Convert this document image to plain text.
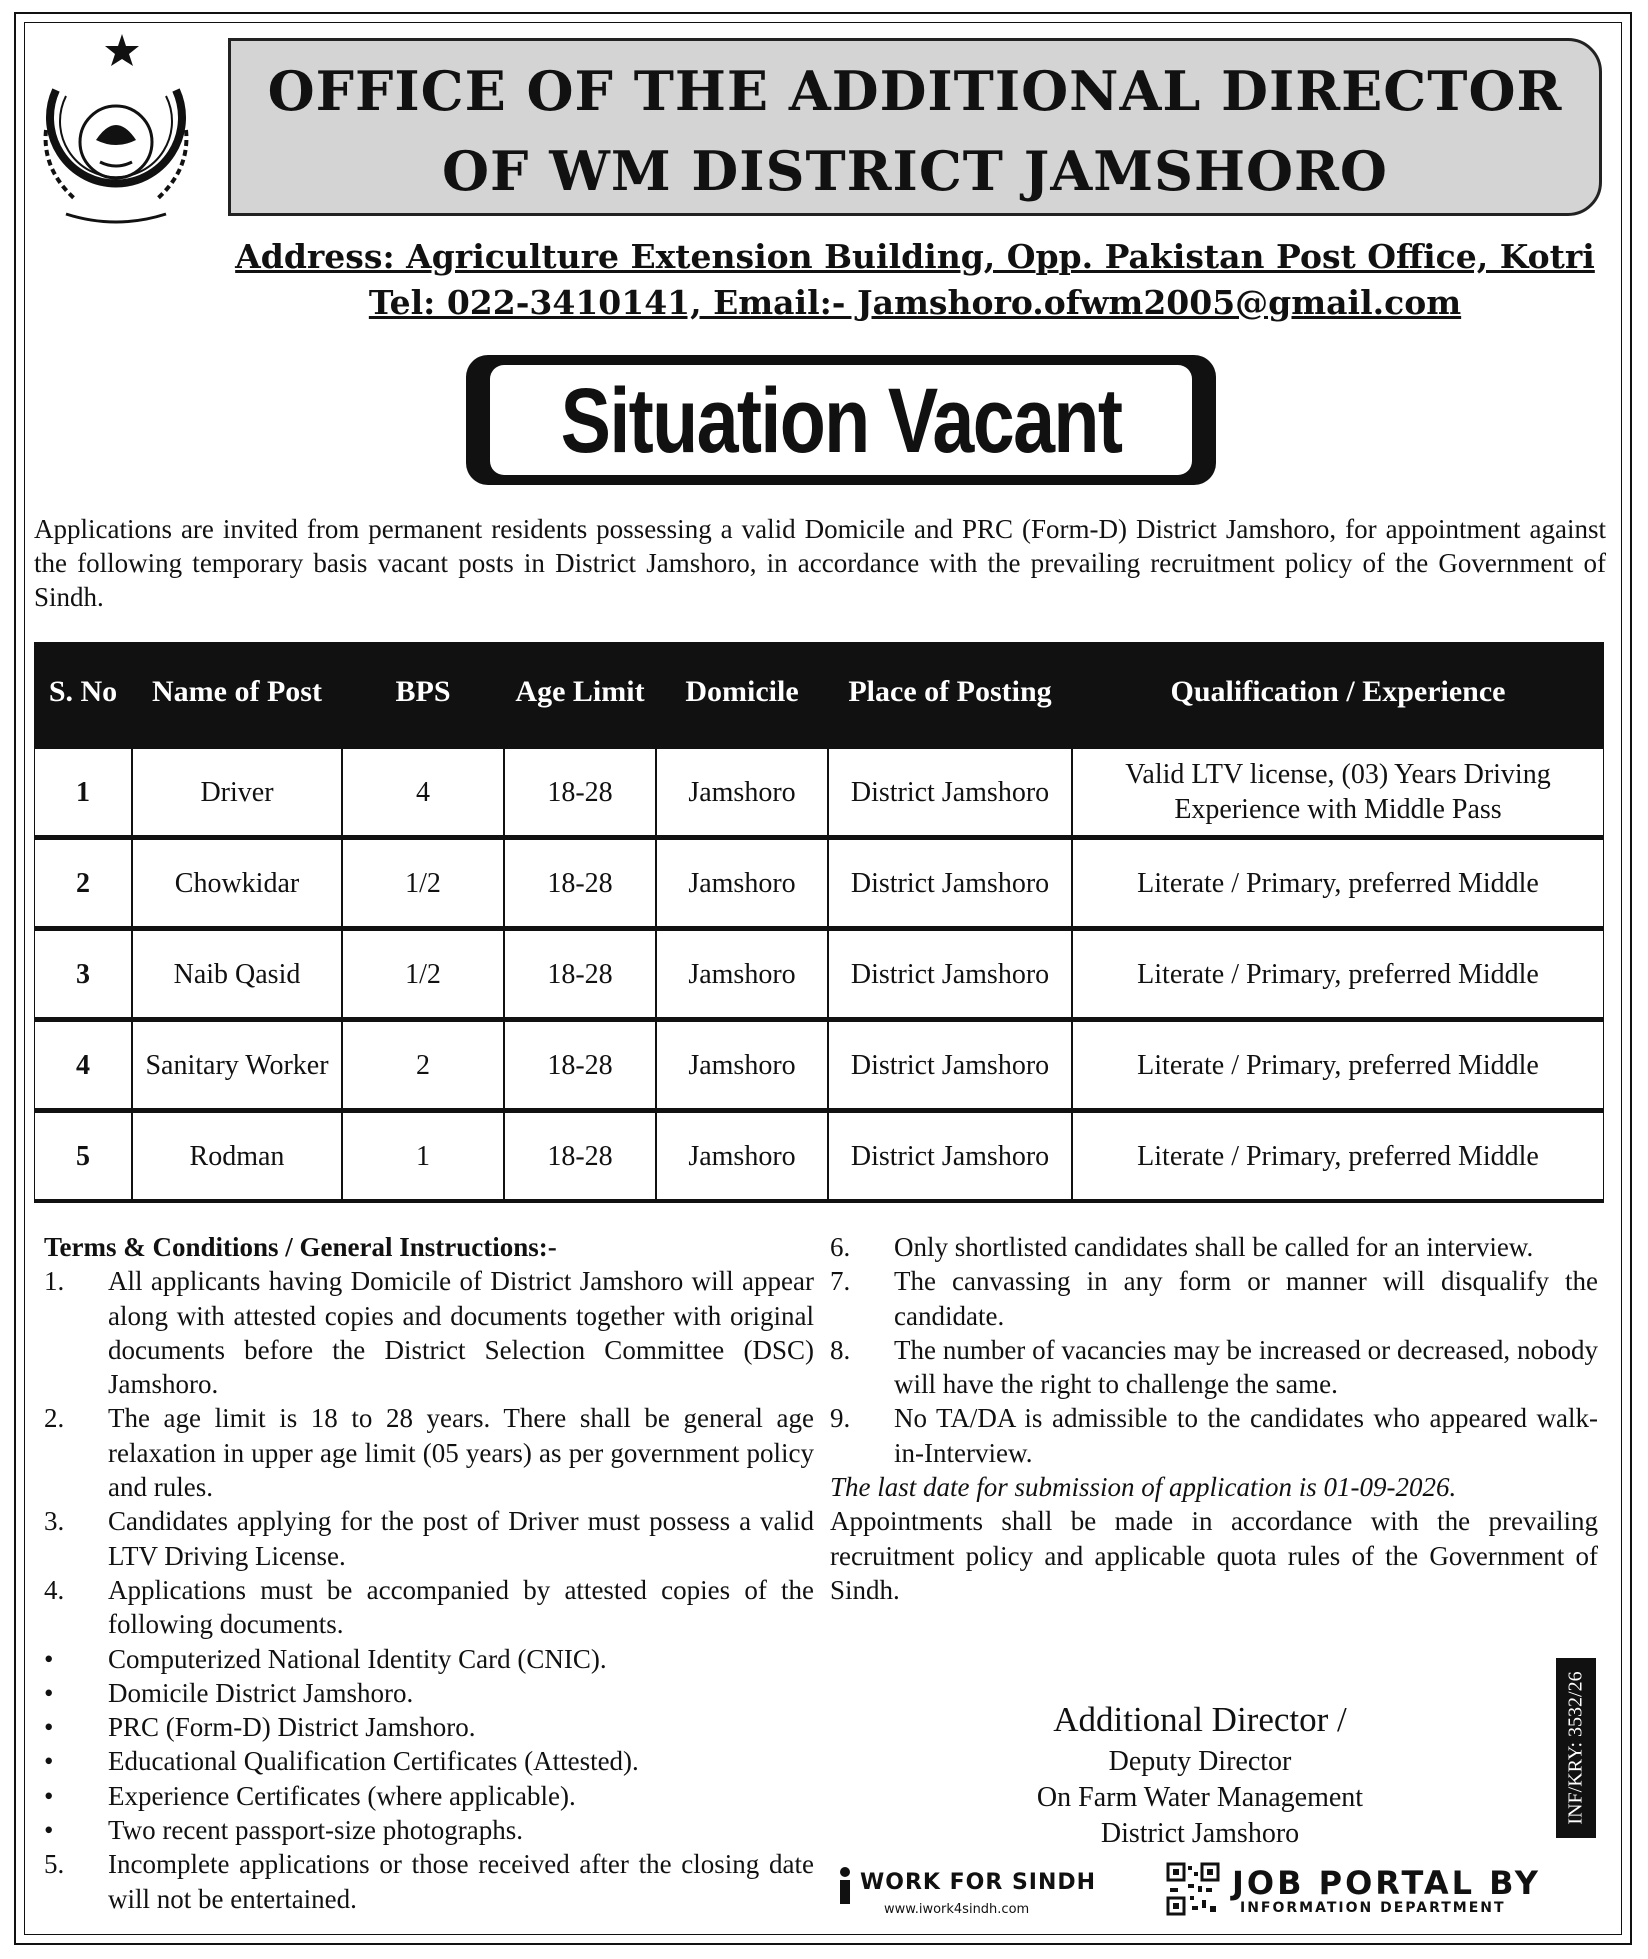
OFFICE OF THE ADDITIONAL DIRECTOR
OF WM DISTRICT JAMSHORO
Address: Agriculture Extension Building, Opp. Pakistan Post Office, Kotri
Tel: 022-3410141, Email:- Jamshoro.ofwm2005@gmail.com
Situation Vacant
Applications are invited from permanent residents possessing a valid Domicile and PRC (Form-D) District Jamshoro, for appointment against the following temporary basis vacant posts in District Jamshoro, in accordance with the prevailing recruitment policy of the Government of Sindh.
S. No	Name of Post	BPS	Age Limit	Domicile	Place of Posting	Qualification / Experience
1	Driver	4	18-28	Jamshoro	District Jamshoro	Valid LTV license, (03) Years Driving Experience with Middle Pass
2	Chowkidar	1/2	18-28	Jamshoro	District Jamshoro	Literate / Primary, preferred Middle
3	Naib Qasid	1/2	18-28	Jamshoro	District Jamshoro	Literate / Primary, preferred Middle
4	Sanitary Worker	2	18-28	Jamshoro	District Jamshoro	Literate / Primary, preferred Middle
5	Rodman	1	18-28	Jamshoro	District Jamshoro	Literate / Primary, preferred Middle
Terms & Conditions / General Instructions:-
1.	All applicants having Domicile of District Jamshoro will appear along with attested copies and documents together with original documents before the District Selection Committee (DSC) Jamshoro.
2.	The age limit is 18 to 28 years. There shall be general age relaxation in upper age limit (05 years) as per government policy and rules.
3.	Candidates applying for the post of Driver must possess a valid LTV Driving License.
4.	Applications must be accompanied by attested copies of the following documents.
•	Computerized National Identity Card (CNIC).
•	Domicile District Jamshoro.
•	PRC (Form-D) District Jamshoro.
•	Educational Qualification Certificates (Attested).
•	Experience Certificates (where applicable).
•	Two recent passport-size photographs.
5.	Incomplete applications or those received after the closing date will not be entertained.
6.	Only shortlisted candidates shall be called for an interview.
7.	The canvassing in any form or manner will disqualify the candidate.
8.	The number of vacancies may be increased or decreased, nobody will have the right to challenge the same.
9.	No TA/DA is admissible to the candidates who appeared walk-in-Interview.
The last date for submission of application is 01-09-2026.
Appointments shall be made in accordance with the prevailing recruitment policy and applicable quota rules of the Government of Sindh.
Additional Director /
Deputy Director
On Farm Water Management
District Jamshoro
INF/KRY: 3532/26
WORK FOR SINDH
www.iwork4sindh.com
JOB PORTAL BY
INFORMATION DEPARTMENT
